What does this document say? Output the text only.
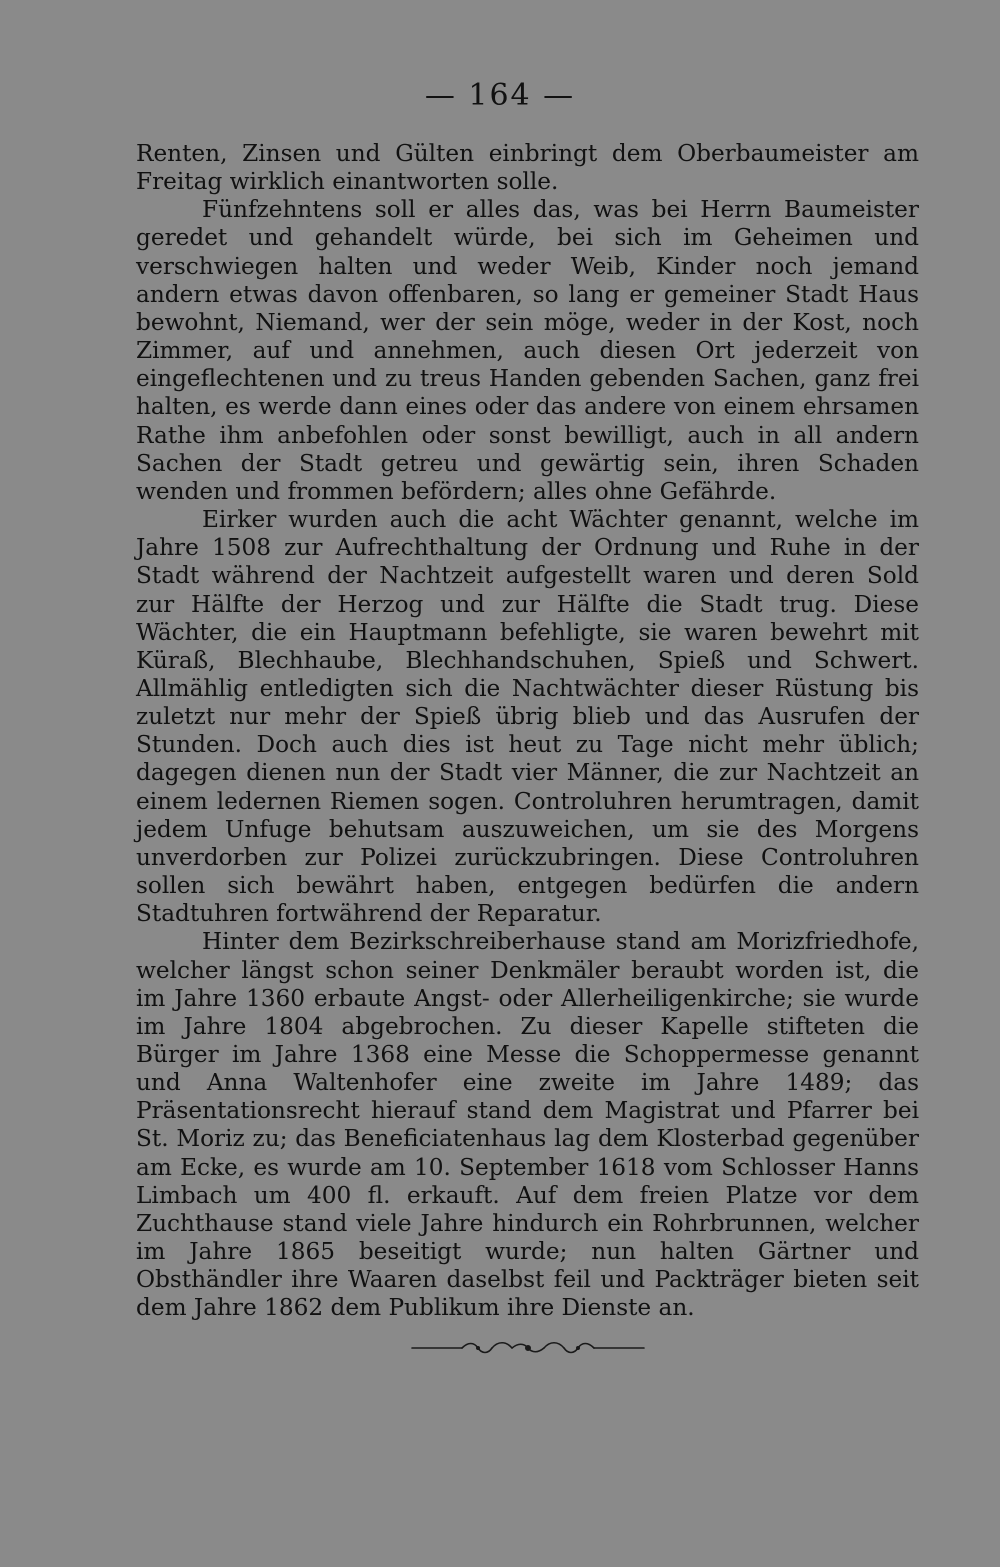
— 164 —

Renten, Zinsen und Gülten einbringt dem Oberbaumeister am Freitag wirklich einantworten solle.

Fünfzehntens soll er alles das, was bei Herrn Baumeister geredet und gehandelt würde, bei sich im Geheimen und verschwiegen halten und weder Weib, Kinder noch jemand andern etwas davon offenbaren, so lang er gemeiner Stadt Haus bewohnt, Niemand, wer der sein möge, weder in der Kost, noch Zimmer, auf und annehmen, auch diesen Ort jederzeit von eingeflechtenen und zu treus Handen gebenden Sachen, ganz frei halten, es werde dann eines oder das andere von einem ehrsamen Rathe ihm anbefohlen oder sonst bewilligt, auch in all andern Sachen der Stadt getreu und gewärtig sein, ihren Schaden wenden und frommen befördern; alles ohne Gefährde.

Eirker wurden auch die acht Wächter genannt, welche im Jahre 1508 zur Aufrechthaltung der Ordnung und Ruhe in der Stadt während der Nachtzeit aufgestellt waren und deren Sold zur Hälfte der Herzog und zur Hälfte die Stadt trug. Diese Wächter, die ein Hauptmann befehligte, sie waren bewehrt mit Küraß, Blechhaube, Blechhandschuhen, Spieß und Schwert. Allmählig entledigten sich die Nachtwächter dieser Rüstung bis zuletzt nur mehr der Spieß übrig blieb und das Ausrufen der Stunden. Doch auch dies ist heut zu Tage nicht mehr üblich; dagegen dienen nun der Stadt vier Männer, die zur Nachtzeit an einem ledernen Riemen sogen. Controluhren herumtragen, damit jedem Unfuge behutsam auszuweichen, um sie des Morgens unverdorben zur Polizei zurückzubringen. Diese Controluhren sollen sich bewährt haben, entgegen bedürfen die andern Stadtuhren fortwährend der Reparatur.

Hinter dem Bezirkschreiberhause stand am Morizfriedhofe, welcher längst schon seiner Denkmäler beraubt worden ist, die im Jahre 1360 erbaute Angst- oder Allerheiligenkirche; sie wurde im Jahre 1804 abgebrochen. Zu dieser Kapelle stifteten die Bürger im Jahre 1368 eine Messe die Schoppermesse genannt und Anna Waltenhofer eine zweite im Jahre 1489; das Präsentationsrecht hierauf stand dem Magistrat und Pfarrer bei St. Moriz zu; das Beneficiatenhaus lag dem Klosterbad gegenüber am Ecke, es wurde am 10. September 1618 vom Schlosser Hanns Limbach um 400 fl. erkauft. Auf dem freien Platze vor dem Zuchthause stand viele Jahre hindurch ein Rohrbrunnen, welcher im Jahre 1865 beseitigt wurde; nun halten Gärtner und Obsthändler ihre Waaren daselbst feil und Packträger bieten seit dem Jahre 1862 dem Publikum ihre Dienste an.
